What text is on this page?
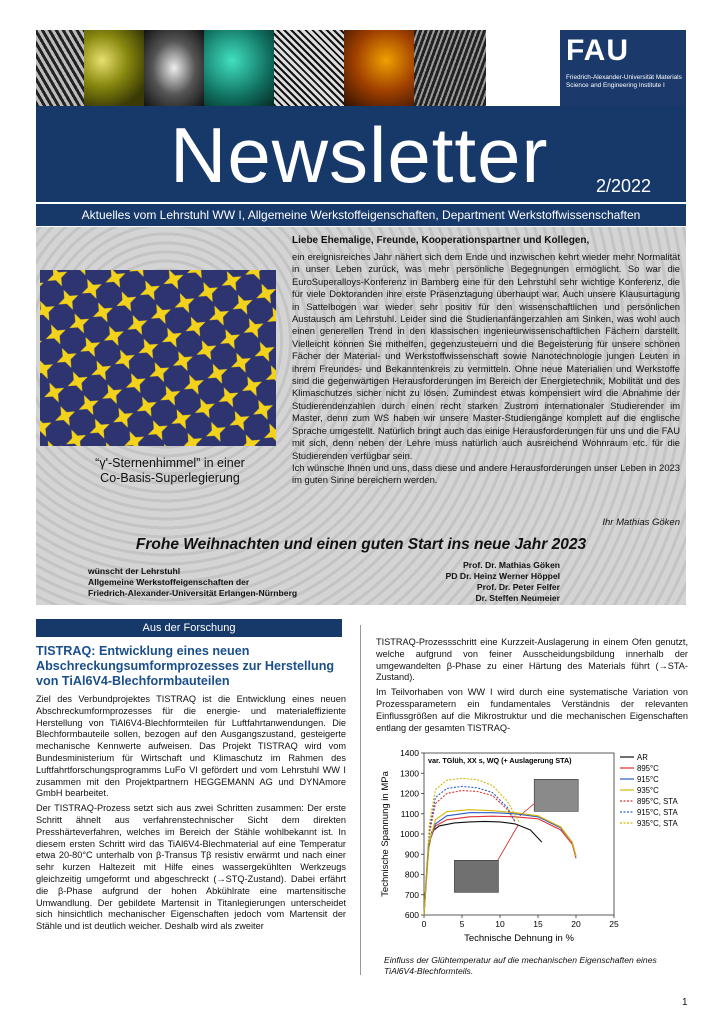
FAU
Friedrich-Alexander-Universität Materials Science and Engineering Institute I
Newsletter	2/2022
Aktuelles vom Lehrstuhl WW I, Allgemeine Werkstoffeigenschaften, Department Werkstoffwissenschaften
“γ'-Sternenhimmel” in einer
Co-Basis-Superlegierung
Liebe Ehemalige, Freunde, Kooperationspartner und Kollegen,
ein ereignisreiches Jahr nähert sich dem Ende und inzwischen kehrt wieder mehr Normalität in unser Leben zurück, was mehr persönliche Begegnungen ermöglicht. So war die EuroSuperalloys-Konferenz in Bamberg eine für den Lehrstuhl sehr wichtige Konferenz, die für viele Doktoranden ihre erste Präsenztagung überhaupt war. Auch unsere Klausurtagung in Sattelbogen war wieder sehr positiv für den wissenschaftlichen und persönlichen Austausch am Lehrstuhl. Leider sind die Studienanfängerzahlen am Sinken, was wohl auch einen generellen Trend in den klassischen ingenieurwissenschaftlichen Fächern darstellt. Vielleicht können Sie mithelfen, gegenzusteuern und die Begeisterung für unsere schönen Fächer der Material- und Werkstoffwissenschaft sowie Nanotechnologie jungen Leuten in ihrem Freundes- und Bekanntenkreis zu vermitteln. Ohne neue Materialien und Werkstoffe sind die gegenwärtigen Herausforderungen im Bereich der Energietechnik, Mobilität und des Klimaschutzes sicher nicht zu lösen. Zumindest etwas kompensiert wird die Abnahme der Studierendenzahlen durch einen recht starken Zustrom internationaler Studierender im Master, denn zum WS haben wir unsere Master-Studiengänge komplett auf die englische Sprache umgestellt. Natürlich bringt auch das einige Herausforderungen für uns und die FAU mit sich, denn neben der Lehre muss natürlich auch ausreichend Wohnraum etc. für die Studierenden verfügbar sein.
Ich wünsche Ihnen und uns, dass diese und andere Herausforderungen unser Leben in 2023 im guten Sinne bereichern werden.
Ihr Mathias Göken
Frohe Weihnachten und einen guten Start ins neue Jahr 2023
wünscht der Lehrstuhl
Allgemeine Werkstoffeigenschaften der
Friedrich-Alexander-Universität Erlangen-Nürnberg
Prof. Dr. Mathias Göken
PD Dr. Heinz Werner Höppel
Prof. Dr. Peter Felfer
Dr. Steffen Neumeier
Aus der Forschung
TISTRAQ: Entwicklung eines neuen Abschreckungsumformprozesses zur Herstellung von TiAl6V4-Blechformbauteilen

Ziel des Verbundprojektes TISTRAQ ist die Entwicklung eines neuen Abschreckumformprozesses für die energie- und materialeffiziente Herstellung von TiAl6V4-Blechformteilen für Luftfahrtanwendungen. Die Blechformbauteile sollen, bezogen auf den Ausgangszustand, gesteigerte mechanische Kennwerte aufweisen. Das Projekt TISTRAQ wird vom Bundesministerium für Wirtschaft und Klimaschutz im Rahmen des Luftfahrtforschungsprogramms LuFo VI gefördert und vom Lehrstuhl WW I zusammen mit den Projektpartnern HEGGEMANN AG und DYNAmore GmbH bearbeitet.

Der TISTRAQ-Prozess setzt sich aus zwei Schritten zusammen: Der erste Schritt ähnelt aus verfahrenstechnischer Sicht dem direkten Presshärteverfahren, welches im Bereich der Stähle wohlbekannt ist. In diesem ersten Schritt wird das TiAl6V4-Blechmaterial auf eine Temperatur etwa 20-80°C unterhalb von β-Transus Tβ resistiv erwärmt und nach einer sehr kurzen Haltezeit mit Hilfe eines wassergekühlten Werkzeugs gleichzeitig umgeformt und abgeschreckt (→STQ-Zustand). Dabei erfährt die β-Phase aufgrund der hohen Abkühlrate eine martensitische Umwandlung. Der gebildete Martensit in Titanlegierungen unterscheidet sich hinsichtlich mechanischer Eigenschaften jedoch vom Martensit der Stähle und ist deutlich weicher. Deshalb wird als zweiter

TISTRAQ-Prozessschritt eine Kurzzeit-Auslagerung in einem Ofen genutzt, welche aufgrund von feiner Ausscheidungsbildung innerhalb der umgewandelten β-Phase zu einer Härtung des Materials führt (→STA-Zustand).

Im Teilvorhaben von WW I wird durch eine systematische Variation von Prozessparametern ein fundamentales Verständnis der relevanten Einflussgrößen auf die Mikrostruktur und die mechanischen Eigenschaften entlang der gesamten TISTRAQ-

0	5	10	15	20	25
600
700
800
900
1000
1100
1200
1300
1400
Technische Dehnung in %
Technische Spannung in MPa
var. TGlüh, XX s, WQ (+ Auslagerung STA)	AR
895°C
915°C
935°C
895°C, STA
915°C, STA
935°C, STA
Einfluss der Glühtemperatur auf die mechanischen Eigenschaften eines TiAl6V4-Blechformteils.
1
